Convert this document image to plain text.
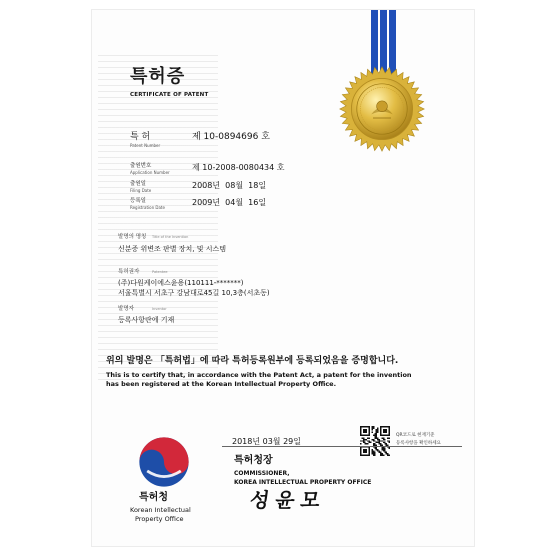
특허증
CERTIFICATE OF PATENT
특 허
Patent Number
제 10-0894696 호
출원번호
Application Number
제 10-2008-0080434 호
출원일
Filing Date
2008년  08월  18일
등록일
Registration Date
2009년  04월  16일
발명의 명칭 Title of the Invention
신분증 위변조 판별 장치, 및 시스템
특허권자	Patentee
(주)다원케이에스윤용(110111-*******)
서울특별시 서초구 강남대로45길 10,3층(서초동)
발명자	Inventor
등록사항란에 기재
위의 발명은 「특허법」에 따라 특허등록원부에 등록되었음을 증명합니다.
This is to certify that, in accordance with the Patent Act, a patent for the invention
has been registered at the Korean Intellectual Property Office.
특허청
Korean Intellectual
Property Office
2018년 03월 29일
QR코드로 현재기준
등록사항을 확인하세요
특허청장
COMMISSIONER,
KOREA INTELLECTUAL PROPERTY OFFICE
성윤모
